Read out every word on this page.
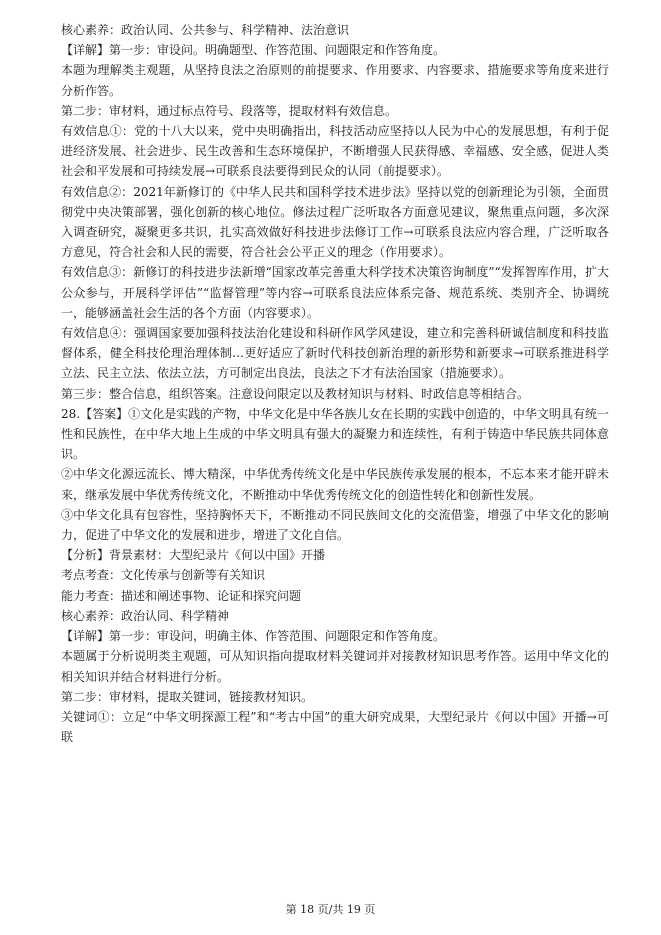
核心素养：政治认同、公共参与、科学精神、法治意识

【详解】第一步：审设问。明确题型、作答范围、问题限定和作答角度。

本题为理解类主观题，从坚持良法之治原则的前提要求、作用要求、内容要求、措施要求等角度来进行分析作答。

第二步：审材料，通过标点符号、段落等，提取材料有效信息。

有效信息①：党的十八大以来，党中央明确指出，科技活动应坚持以人民为中心的发展思想，有利于促进经济发展、社会进步、民生改善和生态环境保护，不断增强人民获得感、幸福感、安全感，促进人类社会和平发展和可持续发展→可联系良法要得到民众的认同（前提要求）。

有效信息②：2021年新修订的《中华人民共和国科学技术进步法》坚持以党的创新理论为引领，全面贯彻党中央决策部署，强化创新的核心地位。修法过程广泛听取各方面意见建议，聚焦重点问题，多次深入调查研究，凝聚更多共识，扎实高效做好科技进步法修订工作→可联系良法应内容合理，广泛听取各方意见，符合社会和人民的需要，符合社会公平正义的理念（作用要求）。

有效信息③：新修订的科技进步法新增“国家改革完善重大科学技术决策咨询制度”“发挥智库作用，扩大公众参与，开展科学评估”“监督管理”等内容→可联系良法应体系完备、规范系统、类别齐全、协调统一，能够涵盖社会生活的各个方面（内容要求）。

有效信息④：强调国家要加强科技法治化建设和科研作风学风建设，建立和完善科研诚信制度和科技监督体系，健全科技伦理治理体制…更好适应了新时代科技创新治理的新形势和新要求→可联系推进科学立法、民主立法、依法立法，方可制定出良法，良法之下才有法治国家（措施要求）。

第三步：整合信息，组织答案。注意设问限定以及教材知识与材料、时政信息等相结合。

28.【答案】①文化是实践的产物，中华文化是中华各族儿女在长期的实践中创造的，中华文明具有统一性和民族性，在中华大地上生成的中华文明具有强大的凝聚力和连续性，有利于铸造中华民族共同体意识。

②中华文化源远流长、博大精深，中华优秀传统文化是中华民族传承发展的根本，不忘本来才能开辟未来，继承发展中华优秀传统文化，不断推动中华优秀传统文化的创造性转化和创新性发展。

③中华文化具有包容性，坚持胸怀天下，不断推动不同民族间文化的交流借鉴，增强了中华文化的影响力，促进了中华文化的发展和进步，增进了文化自信。

【分析】背景素材：大型纪录片《何以中国》开播

考点考查：文化传承与创新等有关知识

能力考查：描述和阐述事物、论证和探究问题

核心素养：政治认同、科学精神

【详解】第一步：审设问，明确主体、作答范围、问题限定和作答角度。

本题属于分析说明类主观题，可从知识指向提取材料关键词并对接教材知识思考作答。运用中华文化的相关知识并结合材料进行分析。

第二步：审材料，提取关键词，链接教材知识。

关键词①：立足“中华文明探源工程”和“考古中国”的重大研究成果，大型纪录片《何以中国》开播→可联

第 18 页/共 19 页
